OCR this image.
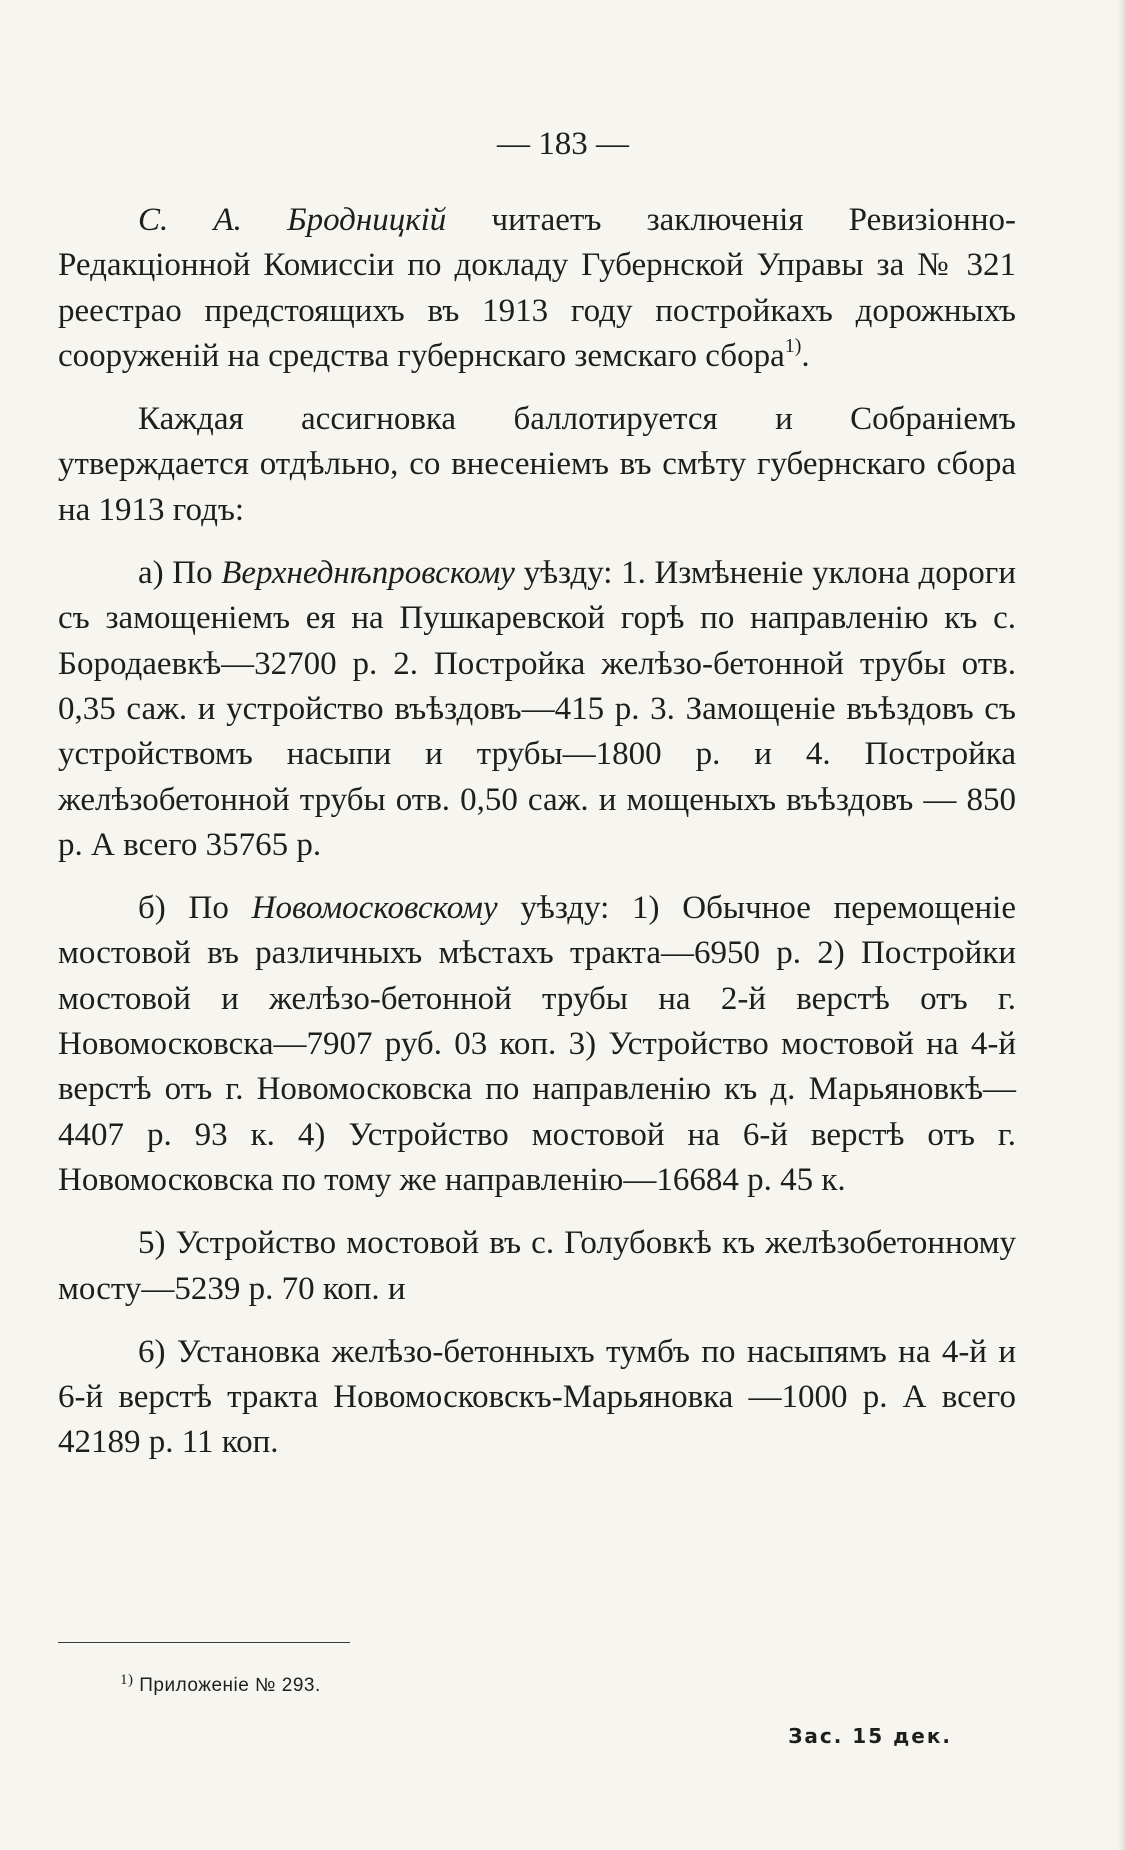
— 183 —

С. А. Бродницкій читаетъ заключенія Ревизіонно-Редакціонной Комиссіи по докладу Губернской Управы за № 321 реестрао предстоящихъ въ 1913 году постройкахъ дорожныхъ сооруженій на средства губернскаго земскаго сбора$^{1)}$.

Каждая ассигновка баллотируется и Собраніемъ утверждается отдѣльно, со внесеніемъ въ смѣту губернскаго сбора на 1913 годъ:

а) По Верхнеднѣпровскому уѣзду: 1. Измѣненіе уклона дороги съ замощеніемъ ея на Пушкаревской горѣ по направленію къ с. Бородаевкѣ—32700 р. 2. Постройка желѣзо-бетонной трубы отв. 0,35 саж. и устройство въѣздовъ—415 р. 3. Замощеніе въѣздовъ съ устройствомъ насыпи и трубы—1800 р. и 4. Постройка желѣзобетонной трубы отв. 0,50 саж. и мощеныхъ въѣздовъ — 850 р. А всего 35765 р.

б) По Новомосковскому уѣзду: 1) Обычное перемощеніе мостовой въ различныхъ мѣстахъ тракта—6950 р. 2) Постройки мостовой и желѣзо-бетонной трубы на 2-й верстѣ отъ г. Новомосковска—7907 руб. 03 коп. 3) Устройство мостовой на 4-й верстѣ отъ г. Новомосковска по направленію къ д. Марьяновкѣ—4407 р. 93 к. 4) Устройство мостовой на 6-й верстѣ отъ г. Новомосковска по тому же направленію—16684 р. 45 к.

5) Устройство мостовой въ с. Голубовкѣ къ желѣзобетонному мосту—5239 р. 70 коп. и

6) Установка желѣзо-бетонныхъ тумбъ по насыпямъ на 4-й и 6-й верстѣ тракта Новомосковскъ-Марьяновка —1000 р. А всего 42189 р. 11 коп.

$^{1)}$ Приложеніе № 293.
Зас. 15 дек.
